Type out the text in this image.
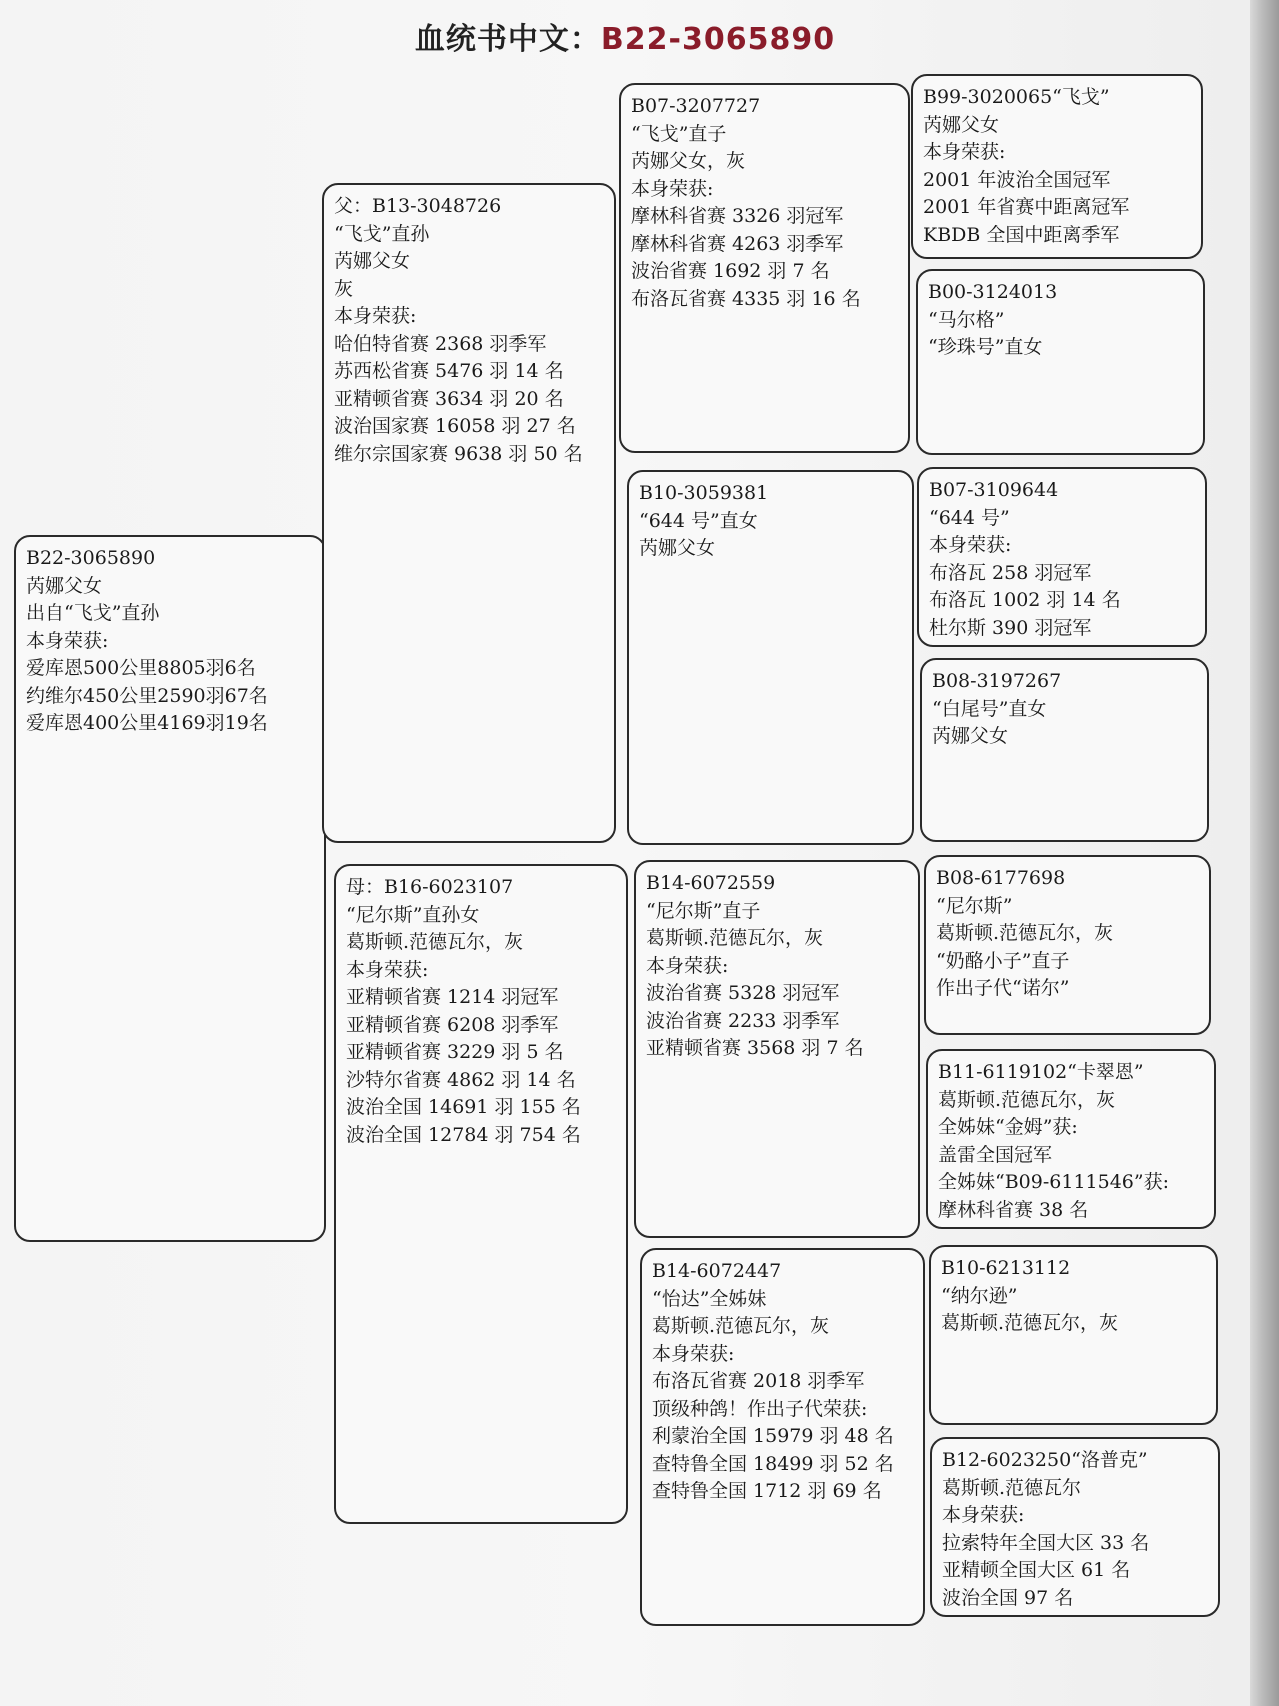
血统书中文：B22-3065890
B22-3065890
芮娜父女
出自“飞戈”直孙
本身荣获:
爱库恩500公里8805羽6名
约维尔450公里2590羽67名
爱库恩400公里4169羽19名
父：B13-3048726
“飞戈”直孙
芮娜父女
灰
本身荣获:
哈伯特省赛 2368 羽季军
苏西松省赛 5476 羽 14 名
亚精顿省赛 3634 羽 20 名
波治国家赛 16058 羽 27 名
维尔宗国家赛 9638 羽 50 名
母：B16-6023107
“尼尔斯”直孙女
葛斯顿.范德瓦尔，灰
本身荣获:
亚精顿省赛 1214 羽冠军
亚精顿省赛 6208 羽季军
亚精顿省赛 3229 羽 5 名
沙特尔省赛 4862 羽 14 名
波治全国 14691 羽 155 名
波治全国 12784 羽 754 名
B07-3207727
“飞戈”直子
芮娜父女，灰
本身荣获:
摩林科省赛 3326 羽冠军
摩林科省赛 4263 羽季军
波治省赛 1692 羽 7 名
布洛瓦省赛 4335 羽 16 名
B10-3059381
“644 号”直女
芮娜父女
B14-6072559
“尼尔斯”直子
葛斯顿.范德瓦尔，灰
本身荣获:
波治省赛 5328 羽冠军
波治省赛 2233 羽季军
亚精顿省赛 3568 羽 7 名
B14-6072447
“怡达”全姊妹
葛斯顿.范德瓦尔，灰
本身荣获:
布洛瓦省赛 2018 羽季军
顶级种鸽！作出子代荣获:
利蒙治全国 15979 羽 48 名
查特鲁全国 18499 羽 52 名
查特鲁全国 1712 羽 69 名
B99-3020065“飞戈”
芮娜父女
本身荣获:
2001 年波治全国冠军
2001 年省赛中距离冠军
KBDB 全国中距离季军
B00-3124013
“马尔格”
“珍珠号”直女
B07-3109644
“644 号”
本身荣获:
布洛瓦 258 羽冠军
布洛瓦 1002 羽 14 名
杜尔斯 390 羽冠军
B08-3197267
“白尾号”直女
芮娜父女
B08-6177698
“尼尔斯”
葛斯顿.范德瓦尔，灰
“奶酪小子”直子
作出子代“诺尔”
B11-6119102“卡翠恩”
葛斯顿.范德瓦尔，灰
全姊妹“金姆”获:
盖雷全国冠军
全姊妹“B09-6111546”获:
摩林科省赛 38 名
B10-6213112
“纳尔逊”
葛斯顿.范德瓦尔，灰
B12-6023250“洛普克”
葛斯顿.范德瓦尔
本身荣获:
拉索特年全国大区 33 名
亚精顿全国大区 61 名
波治全国 97 名
